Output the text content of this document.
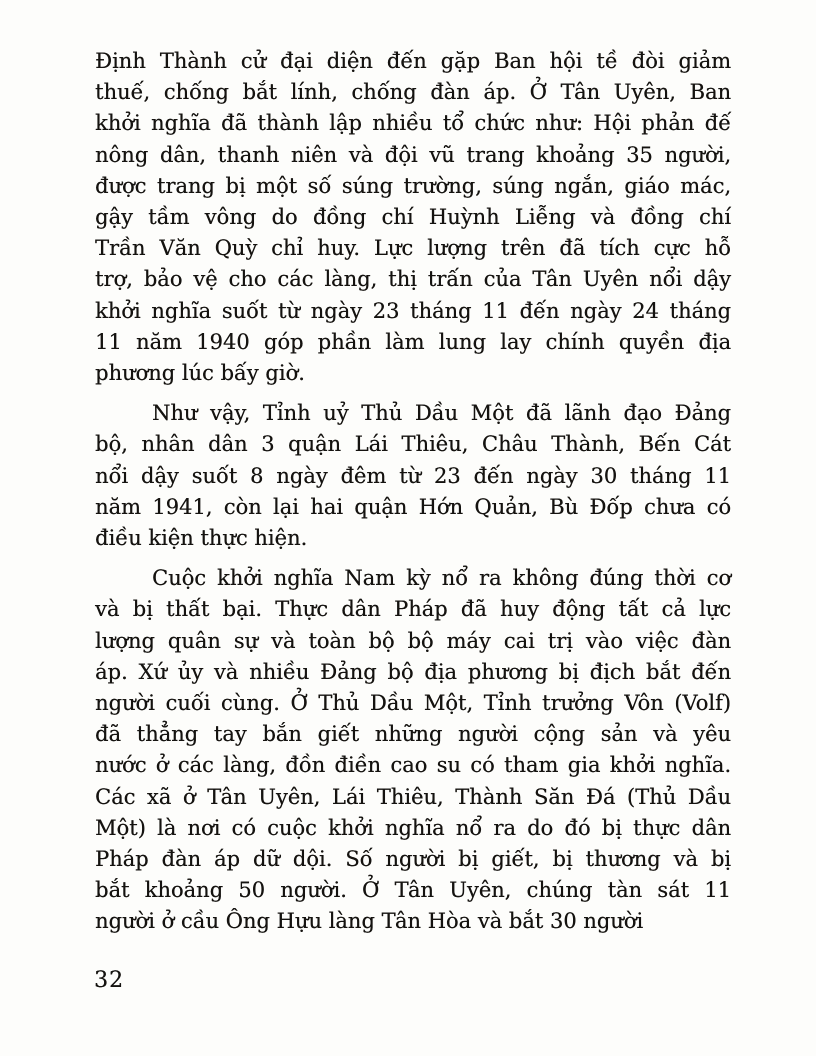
Định Thành cử đại diện đến gặp Ban hội tề đòi giảm
thuế, chống bắt lính, chống đàn áp. Ở Tân Uyên, Ban
khởi nghĩa đã thành lập nhiều tổ chức như: Hội phản đế
nông dân, thanh niên và đội vũ trang khoảng 35 người,
được trang bị một số súng trường, súng ngắn, giáo mác,
gậy tầm vông do đồng chí Huỳnh Liễng và đồng chí
Trần Văn Quỳ chỉ huy. Lực lượng trên đã tích cực hỗ
trợ, bảo vệ cho các làng, thị trấn của Tân Uyên nổi dậy
khởi nghĩa suốt từ ngày 23 tháng 11 đến ngày 24 tháng
11 năm 1940 góp phần làm lung lay chính quyền địa
phương lúc bấy giờ.
Như vậy, Tỉnh uỷ Thủ Dầu Một đã lãnh đạo Đảng
bộ, nhân dân 3 quận Lái Thiêu, Châu Thành, Bến Cát
nổi dậy suốt 8 ngày đêm từ 23 đến ngày 30 tháng 11
năm 1941, còn lại hai quận Hớn Quản, Bù Đốp chưa có
điều kiện thực hiện.
Cuộc khởi nghĩa Nam kỳ nổ ra không đúng thời cơ
và bị thất bại. Thực dân Pháp đã huy động tất cả lực
lượng quân sự và toàn bộ bộ máy cai trị vào việc đàn
áp. Xứ ủy và nhiều Đảng bộ địa phương bị địch bắt đến
người cuối cùng. Ở Thủ Dầu Một, Tỉnh trưởng Vôn (Volf)
đã thẳng tay bắn giết những người cộng sản và yêu
nước ở các làng, đồn điền cao su có tham gia khởi nghĩa.
Các xã ở Tân Uyên, Lái Thiêu, Thành Săn Đá (Thủ Dầu
Một) là nơi có cuộc khởi nghĩa nổ ra do đó bị thực dân
Pháp đàn áp dữ dội. Số người bị giết, bị thương và bị
bắt khoảng 50 người. Ở Tân Uyên, chúng tàn sát 11
người ở cầu Ông Hựu làng Tân Hòa và bắt 30 người
32
